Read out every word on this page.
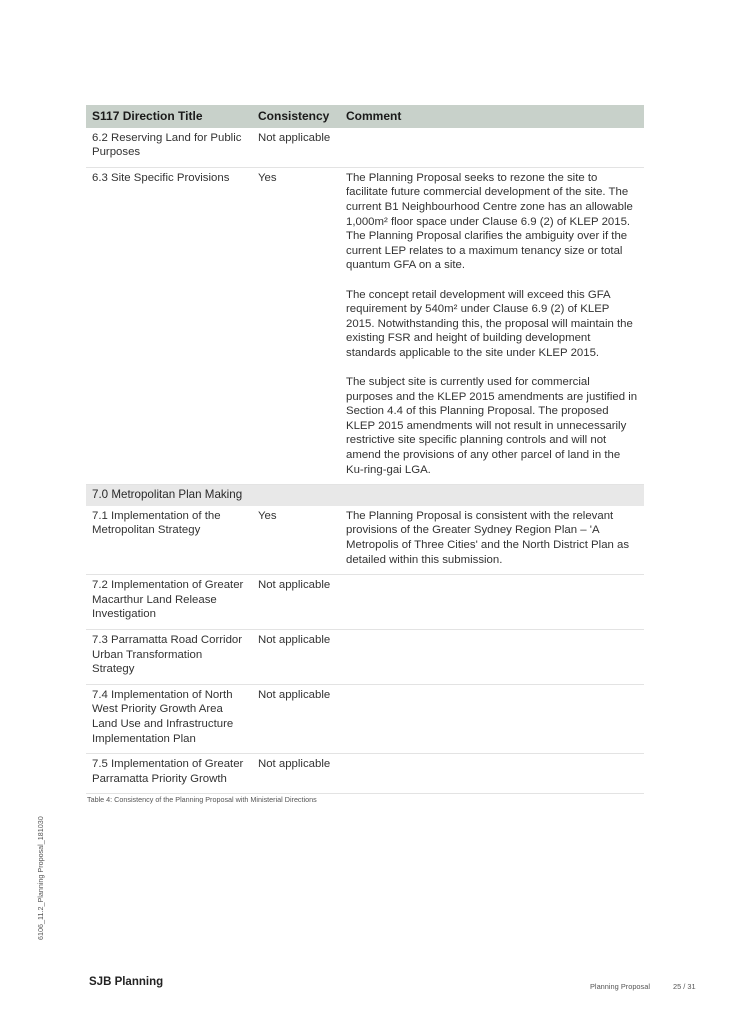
S117 Direction Title	Consistency	Comment
6.2 Reserving Land for Public Purposes	Not applicable	
6.3 Site Specific Provisions	Yes	The Planning Proposal seeks to rezone the site to facilitate future commercial development of the site. The current B1 Neighbourhood Centre zone has an allowable 1,000m² floor space under Clause 6.9 (2) of KLEP 2015. The Planning Proposal clarifies the ambiguity over if the current LEP relates to a maximum tenancy size or total quantum GFA on a site.

The concept retail development will exceed this GFA requirement by 540m² under Clause 6.9 (2) of KLEP 2015. Notwithstanding this, the proposal will maintain the existing FSR and height of building development standards applicable to the site under KLEP 2015.

The subject site is currently used for commercial purposes and the KLEP 2015 amendments are justified in Section 4.4 of this Planning Proposal. The proposed KLEP 2015 amendments will not result in unnecessarily restrictive site specific planning controls and will not amend the provisions of any other parcel of land in the Ku-ring-gai LGA.

7.0 Metropolitan Plan Making		
7.1 Implementation of the Metropolitan Strategy	Yes	The Planning Proposal is consistent with the relevant provisions of the Greater Sydney Region Plan – 'A Metropolis of Three Cities' and the North District Plan as detailed within this submission.

7.2 Implementation of Greater Macarthur Land Release Investigation	Not applicable	
7.3 Parramatta Road Corridor Urban Transformation Strategy	Not applicable	
7.4 Implementation of North West Priority Growth Area Land Use and Infrastructure Implementation Plan	Not applicable	
7.5 Implementation of Greater Parramatta Priority Growth	Not applicable	
Table 4: Consistency of the Planning Proposal with Ministerial Directions
6106_11.2_Planning Proposal_181030
SJB Planning	Planning Proposal	25 / 31
